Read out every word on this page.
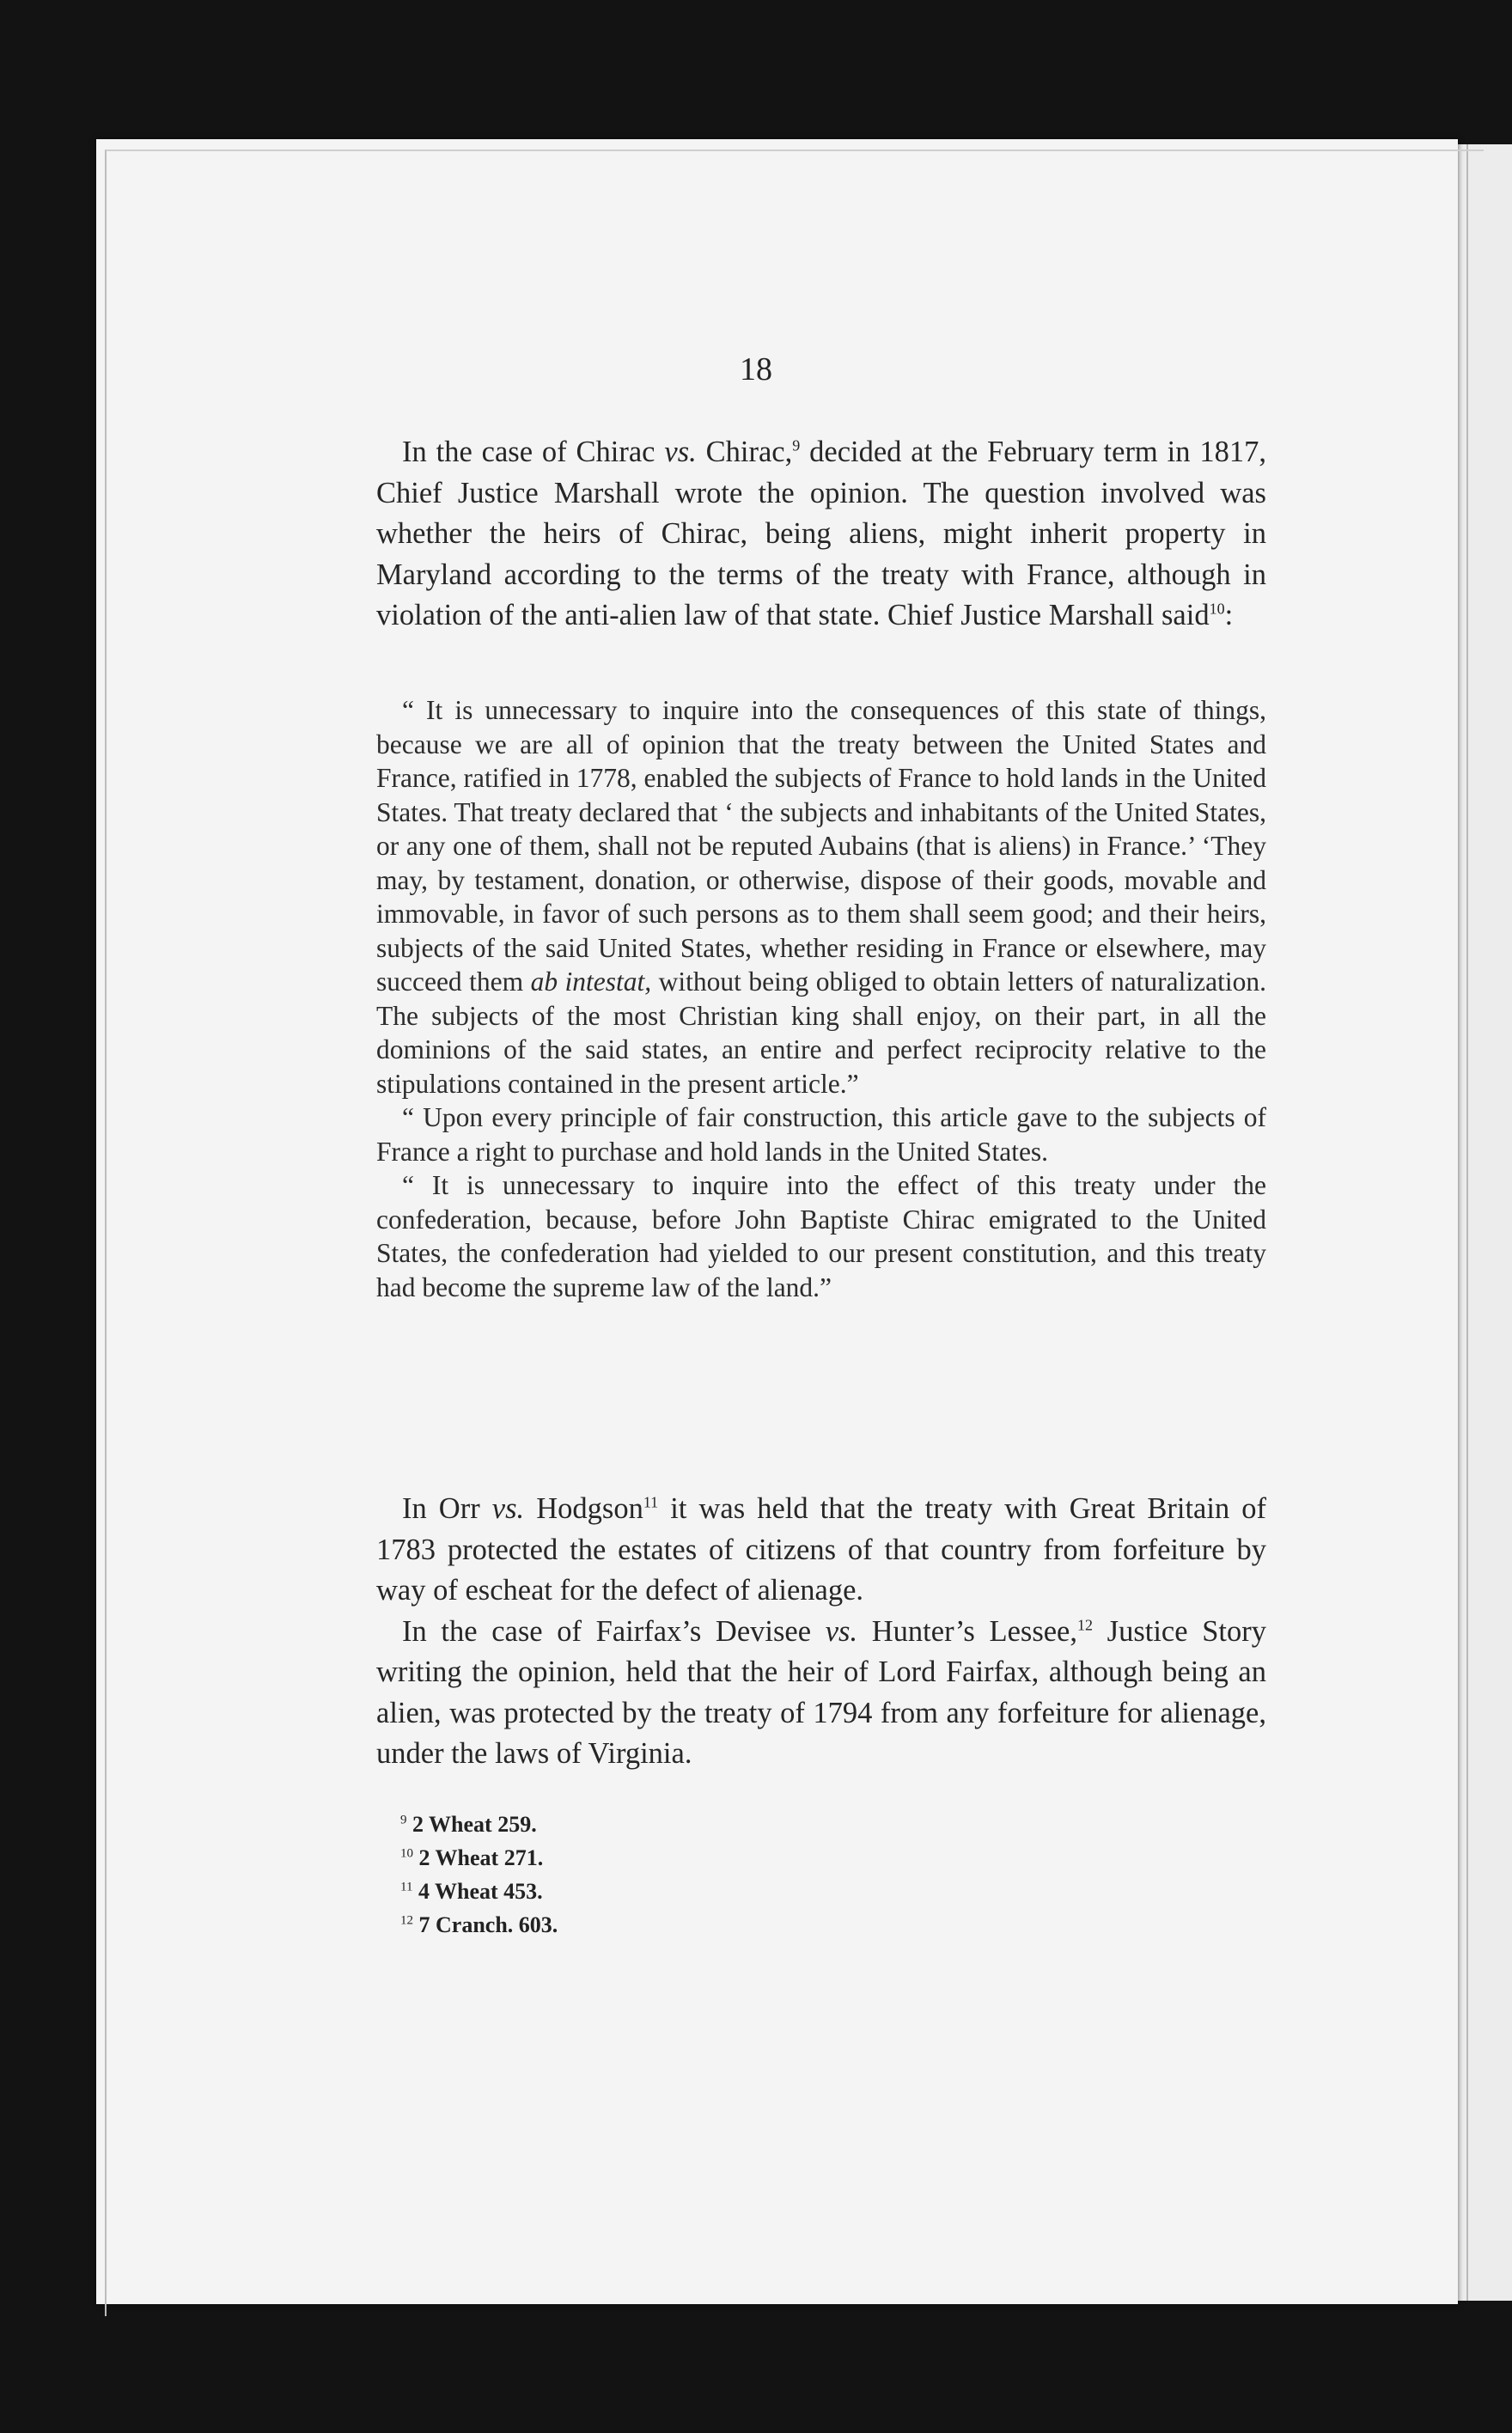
18

In the case of Chirac vs. Chirac,$^9$ decided at the February term in 1817, Chief Justice Marshall wrote the opinion. The question involved was whether the heirs of Chirac, being aliens, might inherit property in Maryland according to the terms of the treaty with France, although in violation of the anti-alien law of that state. Chief Justice Marshall said$^{10}$:

“ It is unnecessary to inquire into the consequences of this state of things, because we are all of opinion that the treaty between the United States and France, ratified in 1778, enabled the subjects of France to hold lands in the United States. That treaty declared that ‘ the subjects and inhabitants of the United States, or any one of them, shall not be reputed Aubains (that is aliens) in France.’ ‘They may, by testament, donation, or otherwise, dispose of their goods, movable and immovable, in favor of such persons as to them shall seem good; and their heirs, subjects of the said United States, whether residing in France or elsewhere, may succeed them ab intestat, without being obliged to obtain letters of naturalization. The subjects of the most Christian king shall enjoy, on their part, in all the dominions of the said states, an entire and perfect reciprocity relative to the stipulations contained in the present article.”

“ Upon every principle of fair construction, this article gave to the subjects of France a right to purchase and hold lands in the United States.

“ It is unnecessary to inquire into the effect of this treaty under the confederation, because, before John Baptiste Chirac emigrated to the United States, the confederation had yielded to our present constitution, and this treaty had become the supreme law of the land.”

In Orr vs. Hodgson$^{11}$ it was held that the treaty with Great Britain of 1783 protected the estates of citizens of that country from forfeiture by way of escheat for the defect of alienage.

In the case of Fairfax’s Devisee vs. Hunter’s Lessee,$^{12}$ Justice Story writing the opinion, held that the heir of Lord Fairfax, although being an alien, was protected by the treaty of 1794 from any forfeiture for alienage, under the laws of Virginia.

$^9$ 2 Wheat 259.
$^{10}$ 2 Wheat 271.
$^{11}$ 4 Wheat 453.
$^{12}$ 7 Cranch. 603.
